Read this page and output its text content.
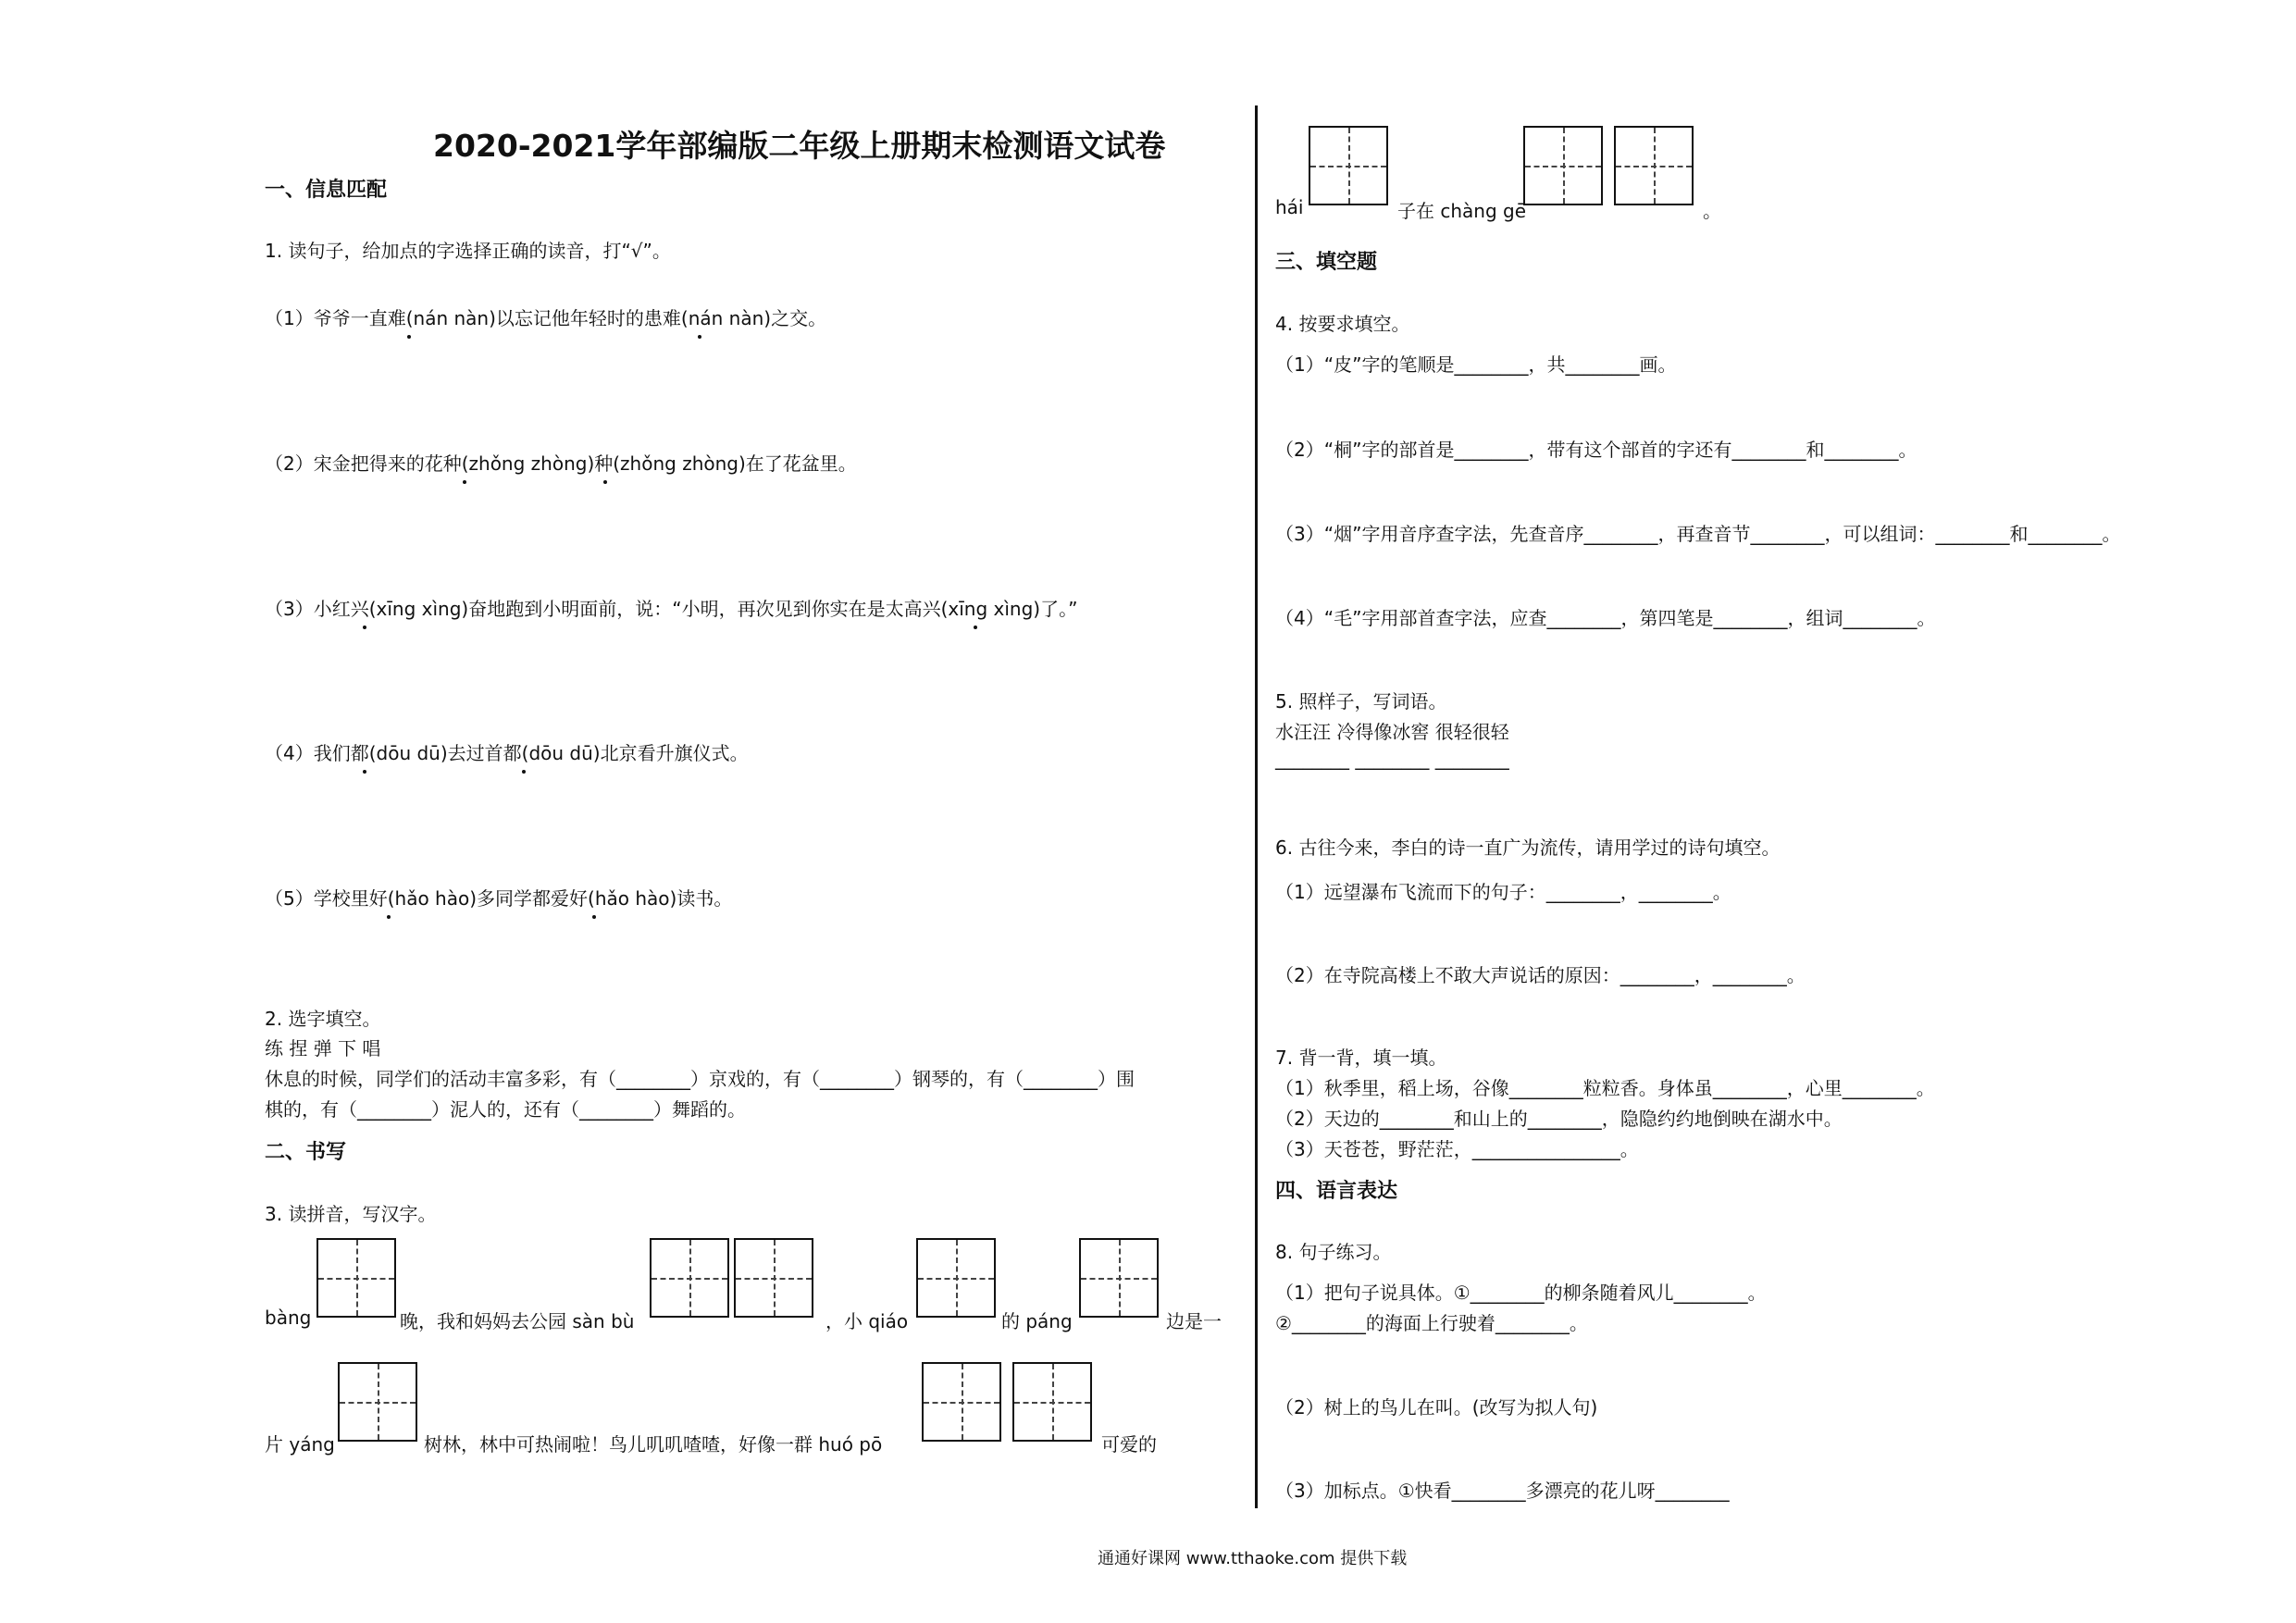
2020-2021学年部编版二年级上册期末检测语文试卷
一、信息匹配
1. 读句子，给加点的字选择正确的读音，打“√”。
（1）爷爷一直难(nán nàn)以忘记他年轻时的患难(nán nàn)之交。
（2）宋金把得来的花种(zhǒng zhòng)种(zhǒng zhòng)在了花盆里。
（3）小红兴(xīng xìng)奋地跑到小明面前，说：“小明，再次见到你实在是太高兴(xīng xìng)了。”
（4）我们都(dōu dū)去过首都(dōu dū)北京看升旗仪式。
（5）学校里好(hǎo hào)多同学都爱好(hǎo hào)读书。
2. 选字填空。
练 捏 弹 下 唱
休息的时候，同学们的活动丰富多彩，有（________）京戏的，有（________）钢琴的，有（________）围
棋的，有（________）泥人的，还有（________）舞蹈的。
二、书写
3. 读拼音，写汉字。
bàng	晚，我和妈妈去公园 sàn bù	，小 qiáo	的 páng	边是一
片 yáng	树林，林中可热闹啦！鸟儿叽叽喳喳，好像一群 huó pō	可爱的
hái	子在 chàng gē	。
三、填空题
4. 按要求填空。
（1）“皮”字的笔顺是________，共________画。
（2）“桐”字的部首是________，带有这个部首的字还有________和________。
（3）“烟”字用音序查字法，先查音序________，再查音节________，可以组词：________和________。
（4）“毛”字用部首查字法，应查________，第四笔是________，组词________。
5. 照样子，写词语。
水汪汪 冷得像冰窖 很轻很轻
________ ________ ________
6. 古往今来，李白的诗一直广为流传，请用学过的诗句填空。
（1）远望瀑布飞流而下的句子：________，________。
（2）在寺院高楼上不敢大声说话的原因：________，________。
7. 背一背，填一填。
（1）秋季里，稻上场，谷像________粒粒香。身体虽________，心里________。
（2）天边的________和山上的________，隐隐约约地倒映在湖水中。
（3）天苍苍，野茫茫，________________。
四、语言表达
8. 句子练习。
（1）把句子说具体。①________的柳条随着风儿________。
②________的海面上行驶着________。
（2）树上的鸟儿在叫。(改写为拟人句)
（3）加标点。①快看________多漂亮的花儿呀________
通通好课网 www.tthaoke.com 提供下载
